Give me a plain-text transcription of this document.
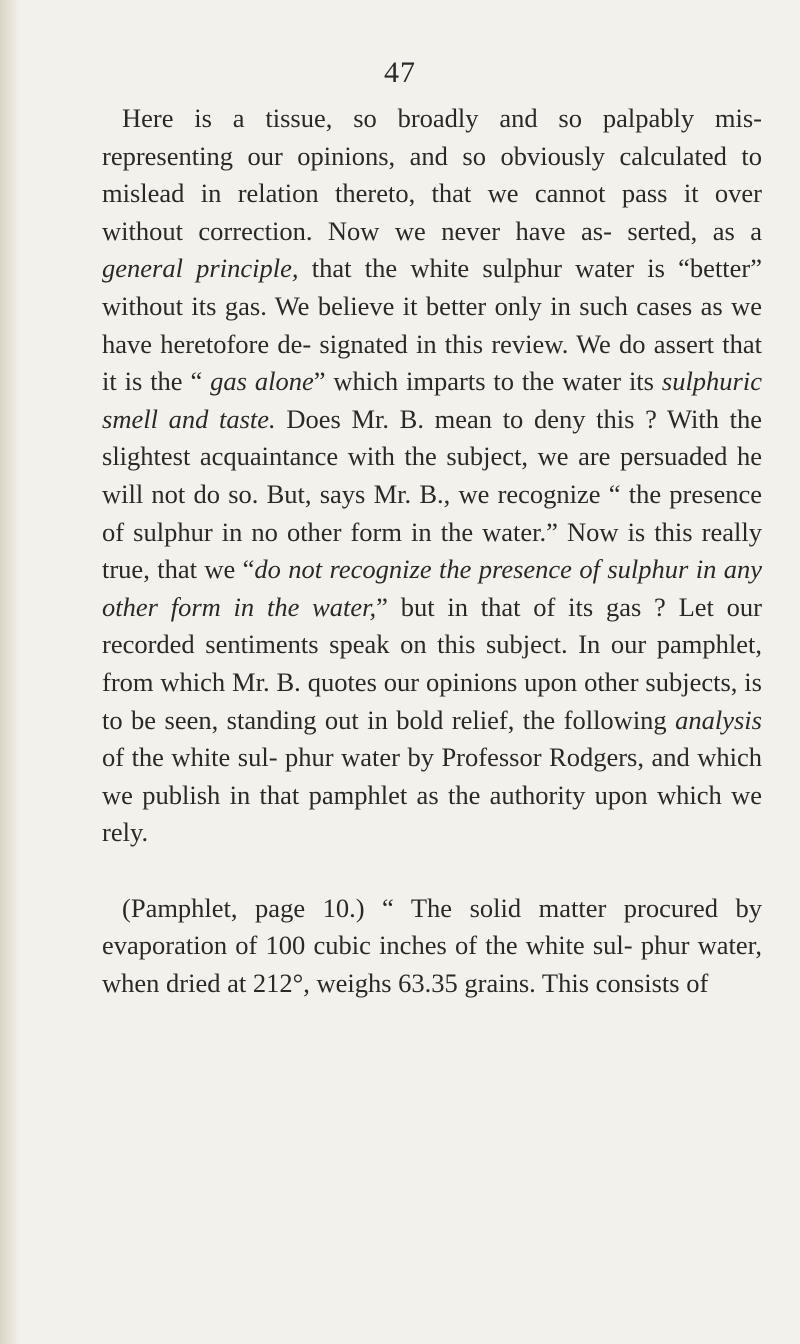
47

Here is a tissue, so broadly and so palpably mis- representing our opinions, and so obviously calculated to mislead in relation thereto, that we cannot pass it over without correction. Now we never have as- serted, as a general principle, that the white sulphur water is “better” without its gas. We believe it better only in such cases as we have heretofore de- signated in this review. We do assert that it is the “ gas alone” which imparts to the water its sulphuric smell and taste. Does Mr. B. mean to deny this ? With the slightest acquaintance with the subject, we are persuaded he will not do so. But, says Mr. B., we recognize “ the presence of sulphur in no other form in the water.” Now is this really true, that we “do not recognize the presence of sulphur in any other form in the water,” but in that of its gas ? Let our recorded sentiments speak on this subject. In our pamphlet, from which Mr. B. quotes our opinions upon other subjects, is to be seen, standing out in bold relief, the following analysis of the white sul- phur water by Professor Rodgers, and which we publish in that pamphlet as the authority upon which we rely.

(Pamphlet, page 10.) “ The solid matter procured by evaporation of 100 cubic inches of the white sul- phur water, when dried at 212°, weighs 63.35 grains. This consists of
